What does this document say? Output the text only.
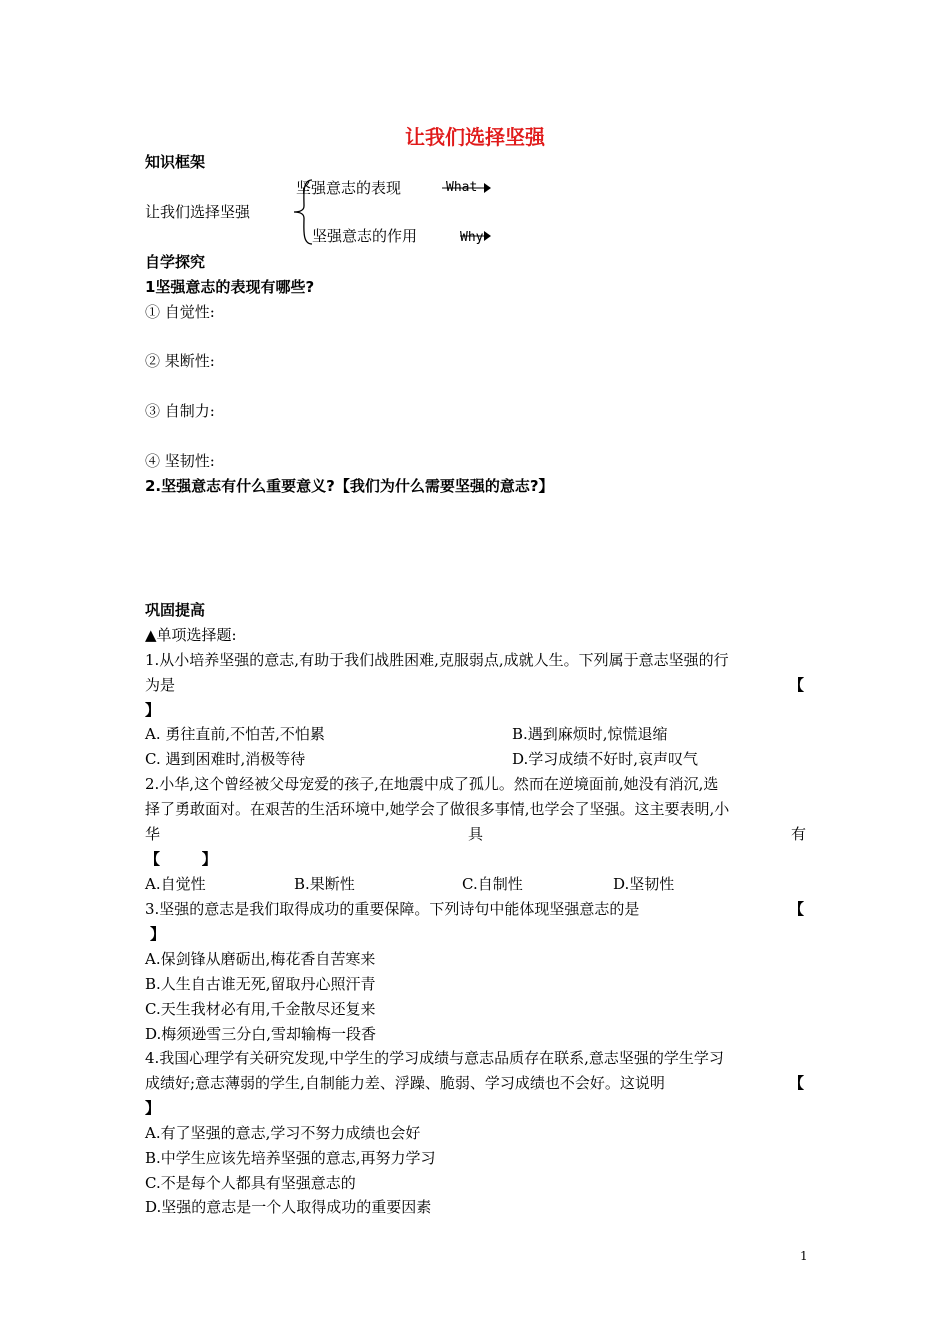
让我们选择坚强
知识框架
让我们选择坚强
坚强意志的表现	What
坚强意志的作用	Why
自学探究
1坚强意志的表现有哪些?
① 自觉性:
② 果断性:
③ 自制力:
④ 坚韧性:
2.坚强意志有什么重要意义?【我们为什么需要坚强的意志?】
巩固提高
▲单项选择题:
1.从小培养坚强的意志,有助于我们战胜困难,克服弱点,成就人生。下列属于意志坚强的行
为是	【
】
A. 勇往直前,不怕苦,不怕累	B.遇到麻烦时,惊慌退缩
C. 遇到困难时,消极等待	D.学习成绩不好时,哀声叹气
2.小华,这个曾经被父母宠爱的孩子,在地震中成了孤儿。然而在逆境面前,她没有消沉,选
择了勇敢面对。在艰苦的生活环境中,她学会了做很多事情,也学会了坚强。这主要表明,小
华	具	有
【        】
A.自觉性	B.果断性	C.自制性	D.坚韧性
3.坚强的意志是我们取得成功的重要保障。下列诗句中能体现坚强意志的是	【
】
A.保剑锋从磨砺出,梅花香自苦寒来
B.人生自古谁无死,留取丹心照汗青
C.天生我材必有用,千金散尽还复来
D.梅须逊雪三分白,雪却输梅一段香
4.我国心理学有关研究发现,中学生的学习成绩与意志品质存在联系,意志坚强的学生学习
成绩好;意志薄弱的学生,自制能力差、浮躁、脆弱、学习成绩也不会好。这说明	【
】
A.有了坚强的意志,学习不努力成绩也会好
B.中学生应该先培养坚强的意志,再努力学习
C.不是每个人都具有坚强意志的
D.坚强的意志是一个人取得成功的重要因素
1
